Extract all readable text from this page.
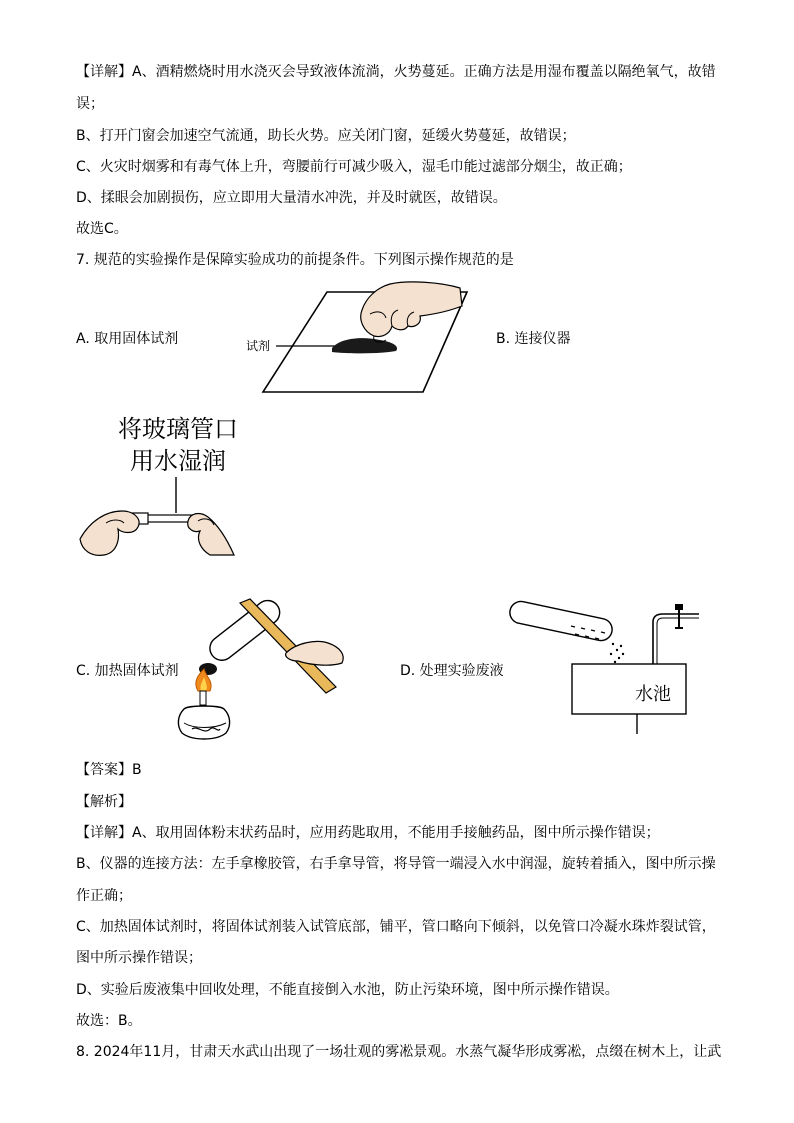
【详解】A、酒精燃烧时用水浇灭会导致液体流淌，火势蔓延。正确方法是用湿布覆盖以隔绝氧气，故错
误；
B、打开门窗会加速空气流通，助长火势。应关闭门窗，延缓火势蔓延，故错误；
C、火灾时烟雾和有毒气体上升，弯腰前行可减少吸入，湿毛巾能过滤部分烟尘，故正确；
D、揉眼会加剧损伤，应立即用大量清水冲洗，并及时就医，故错误。
故选C。
7. 规范的实验操作是保障实验成功的前提条件。下列图示操作规范的是
A. 取用固体试剂	B. 连接仪器
C. 加热固体试剂	D. 处理实验废液
试剂
将玻璃管口
用水湿润
水池
【答案】B
【解析】
【详解】A、取用固体粉末状药品时，应用药匙取用，不能用手接触药品，图中所示操作错误；
B、仪器的连接方法：左手拿橡胶管，右手拿导管，将导管一端浸入水中润湿，旋转着插入，图中所示操
作正确；
C、加热固体试剂时，将固体试剂装入试管底部，铺平，管口略向下倾斜，以免管口冷凝水珠炸裂试管，
图中所示操作错误；
D、实验后废液集中回收处理，不能直接倒入水池，防止污染环境，图中所示操作错误。
故选：B。
8. 2024年11月，甘肃天水武山出现了一场壮观的雾凇景观。水蒸气凝华形成雾凇，点缀在树木上，让武
